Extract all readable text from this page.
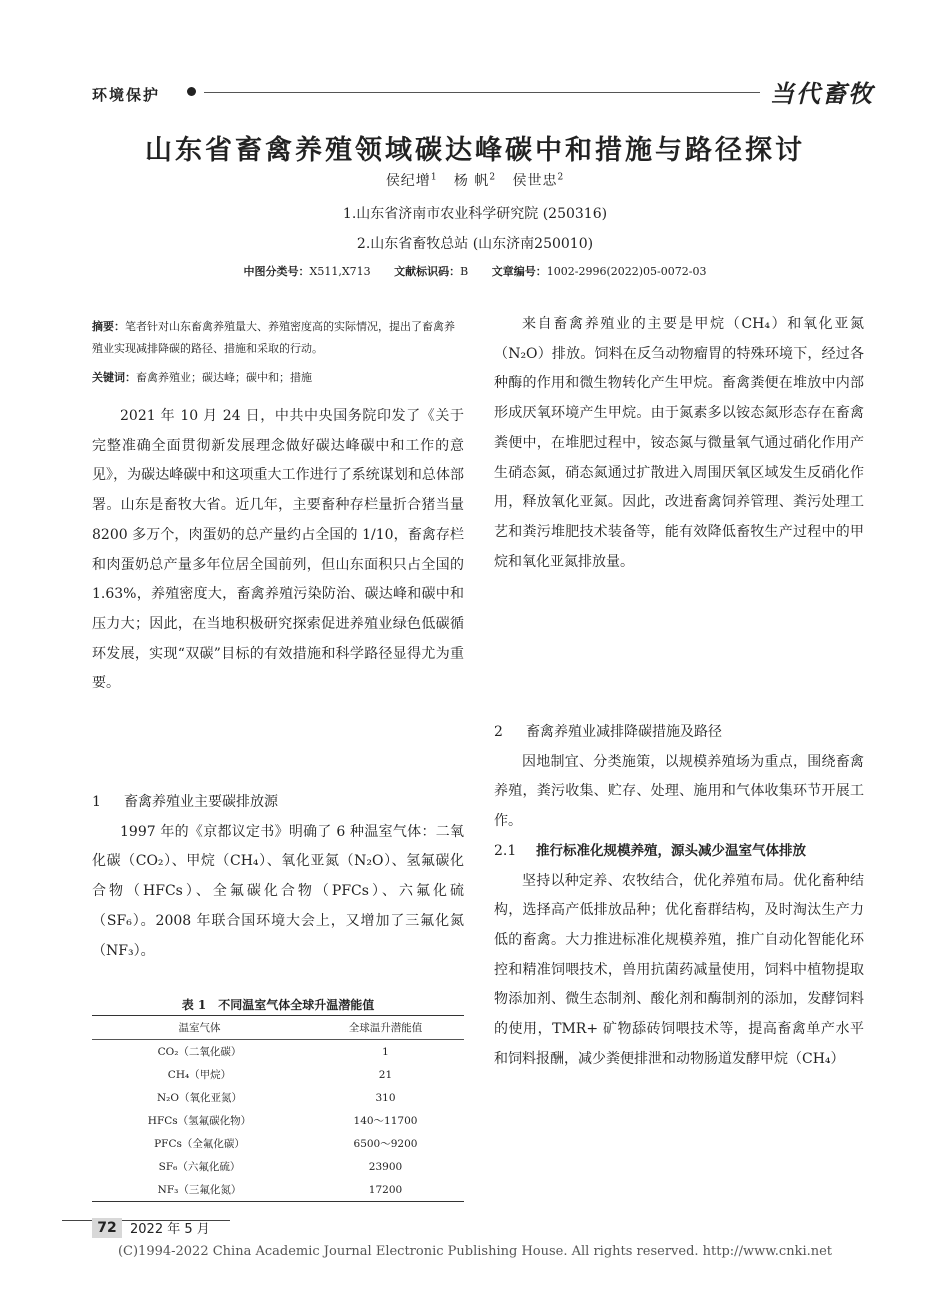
环境保护	当代畜牧
山东省畜禽养殖领域碳达峰碳中和措施与路径探讨
侯纪增$^1$ 杨 帆$^2$ 侯世忠$^2$
1.山东省济南市农业科学研究院 (250316)
2.山东省畜牧总站 (山东济南250010)
中图分类号：X511,X713 文献标识码：B 文章编号：1002-2996(2022)05-0072-03
摘要：笔者针对山东畜禽养殖量大、养殖密度高的实际情况，提出了畜禽养殖业实现减排降碳的路径、措施和采取的行动。
关键词：畜禽养殖业；碳达峰；碳中和；措施

2021 年 10 月 24 日，中共中央国务院印发了《关于完整准确全面贯彻新发展理念做好碳达峰碳中和工作的意见》，为碳达峰碳中和这项重大工作进行了系统谋划和总体部署。山东是畜牧大省。近几年，主要畜种存栏量折合猪当量 8200 多万个，肉蛋奶的总产量约占全国的 1/10，畜禽存栏和肉蛋奶总产量多年位居全国前列，但山东面积只占全国的 1.63%，养殖密度大，畜禽养殖污染防治、碳达峰和碳中和压力大；因此，在当地积极研究探索促进养殖业绿色低碳循环发展，实现“双碳”目标的有效措施和科学路径显得尤为重要。

1 畜禽养殖业主要碳排放源

1997 年的《京都议定书》明确了 6 种温室气体：二氧化碳（CO₂）、甲烷（CH₄）、氧化亚氮（N₂O）、氢氟碳化合物（HFCs）、全氟碳化合物（PFCs）、六氟化硫（SF₆）。2008 年联合国环境大会上，又增加了三氟化氮（NF₃）。

表 1　不同温室气体全球升温潜能值
温室气体	全球温升潜能值
CO₂（二氧化碳）	1
CH₄（甲烷）	21
N₂O（氧化亚氮）	310
HFCs（氢氟碳化物）	140～11700
PFCs（全氟化碳）	6500～9200
SF₆（六氟化硫）	23900
NF₃（三氟化氮）	17200

来自畜禽养殖业的主要是甲烷（CH₄）和氧化亚氮（N₂O）排放。饲料在反刍动物瘤胃的特殊环境下，经过各种酶的作用和微生物转化产生甲烷。畜禽粪便在堆放中内部形成厌氧环境产生甲烷。由于氮素多以铵态氮形态存在畜禽粪便中，在堆肥过程中，铵态氮与微量氧气通过硝化作用产生硝态氮，硝态氮通过扩散进入周围厌氧区域发生反硝化作用，释放氧化亚氮。因此，改进畜禽饲养管理、粪污处理工艺和粪污堆肥技术装备等，能有效降低畜牧生产过程中的甲烷和氧化亚氮排放量。

2 畜禽养殖业减排降碳措施及路径

因地制宜、分类施策，以规模养殖场为重点，围绕畜禽养殖，粪污收集、贮存、处理、施用和气体收集环节开展工作。

2.1 推行标准化规模养殖，源头减少温室气体排放

坚持以种定养、农牧结合，优化养殖布局。优化畜种结构，选择高产低排放品种；优化畜群结构，及时淘汰生产力低的畜禽。大力推进标准化规模养殖，推广自动化智能化环控和精准饲喂技术，兽用抗菌药减量使用，饲料中植物提取物添加剂、微生态制剂、酸化剂和酶制剂的添加，发酵饲料的使用，TMR+ 矿物舔砖饲喂技术等，提高畜禽单产水平和饲料报酬，减少粪便排泄和动物肠道发酵甲烷（CH₄）

72	2022 年 5 月
(C)1994-2022 China Academic Journal Electronic Publishing House. All rights reserved. http://www.cnki.net
